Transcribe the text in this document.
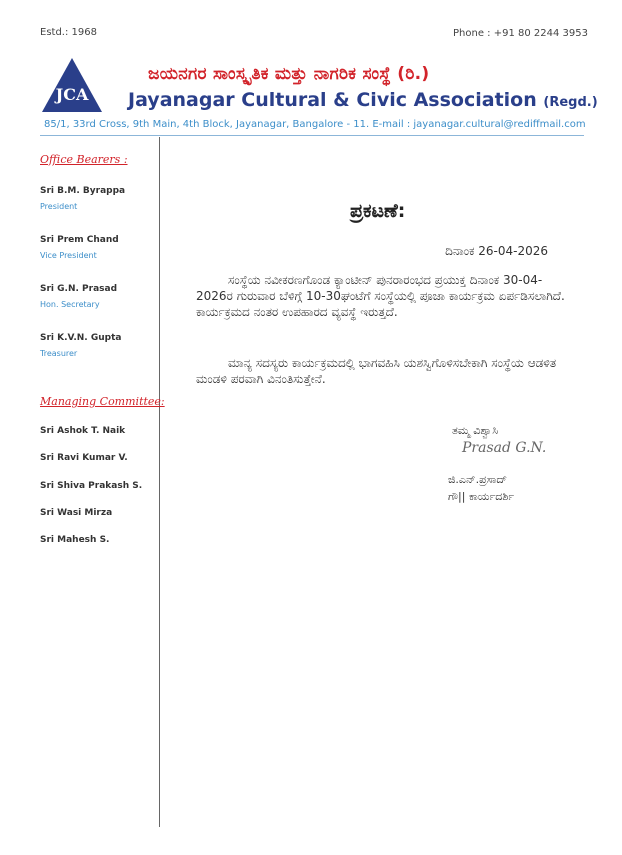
Estd.: 1968	Phone : +91 80 2244 3953
JCA
ಜಯನಗರ ಸಾಂಸ್ಕೃತಿಕ ಮತ್ತು ನಾಗರಿಕ ಸಂಸ್ಥೆ (ರಿ.)
Jayanagar Cultural & Civic Association (Regd.)
85/1, 33rd Cross, 9th Main, 4th Block, Jayanagar, Bangalore - 11. E-mail : jayanagar.cultural@rediffmail.com
Office Bearers :
Sri B.M. Byrappa
President
Sri Prem Chand
Vice President
Sri G.N. Prasad
Hon. Secretary
Sri K.V.N. Gupta
Treasurer
Managing Committee:
Sri Ashok T. Naik
Sri Ravi Kumar V.
Sri Shiva Prakash S.
Sri Wasi Mirza
Sri Mahesh S.
ಪ್ರಕಟಣೆ:
ದಿನಾಂಕ 26-04-2026
ಸಂಸ್ಥೆಯ ನವೀಕರಣಗೊಂಡ ಕ್ಯಾಂಟೀನ್ ಪುನರಾರಂಭದ ಪ್ರಯುಕ್ತ ದಿನಾಂಕ 30-04-2026ರ ಗುರುವಾರ ಬೆಳಿಗ್ಗೆ 10-30ಘಂಟೆಗೆ ಸಂಸ್ಥೆಯಲ್ಲಿ ಪೂಜಾ ಕಾರ್ಯಕ್ರಮ ಏರ್ಪಡಿಸಲಾಗಿದೆ. ಕಾರ್ಯಕ್ರಮದ ನಂತರ ಉಪಹಾರದ ವ್ಯವಸ್ಥೆ ಇರುತ್ತದೆ.
ಮಾನ್ಯ ಸದಸ್ಯರು ಕಾರ್ಯಕ್ರಮದಲ್ಲಿ ಭಾಗವಹಿಸಿ ಯಶಸ್ವಿಗೊಳಿಸಬೇಕಾಗಿ ಸಂಸ್ಥೆಯ ಆಡಳಿತ ಮಂಡಳಿ ಪರವಾಗಿ ವಿನಂತಿಸುತ್ತೇನೆ.
ತಮ್ಮ ವಿಶ್ವಾಸಿ
Prasad G.N.
ಜಿ.ಎನ್.ಪ್ರಸಾದ್
ಗೌ|| ಕಾರ್ಯದರ್ಶಿ
